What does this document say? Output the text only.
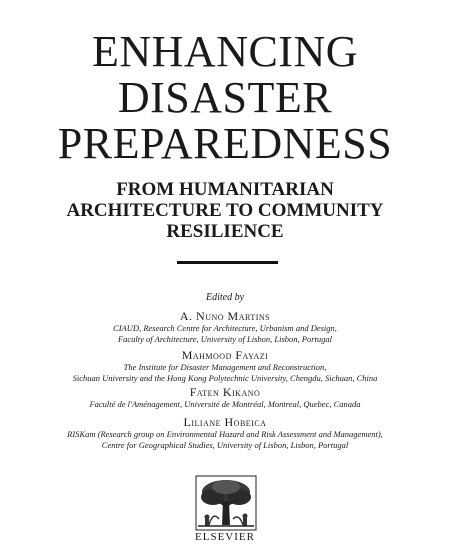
ENHANCING
DISASTER
PREPAREDNESS
FROM HUMANITARIAN
ARCHITECTURE TO COMMUNITY
RESILIENCE
Edited by
A. Nuno Martins
CIAUD, Research Centre for Architecture, Urbanism and Design,
Faculty of Architecture, University of Lisbon, Lisbon, Portugal
Mahmood Fayazi
The Institute for Disaster Management and Reconstruction,
Sichuan University and the Hong Kong Polytechnic University, Chengdu, Sichuan, China
Faten Kikano
Faculté de l'Aménagement, Université de Montréal, Montreal, Quebec, Canada
Liliane Hobeica
RISKam (Research group on Environmental Hazard and Risk Assessment and Management),
Centre for Geographical Studies, University of Lisbon, Lisbon, Portugal
ELSEVIER
